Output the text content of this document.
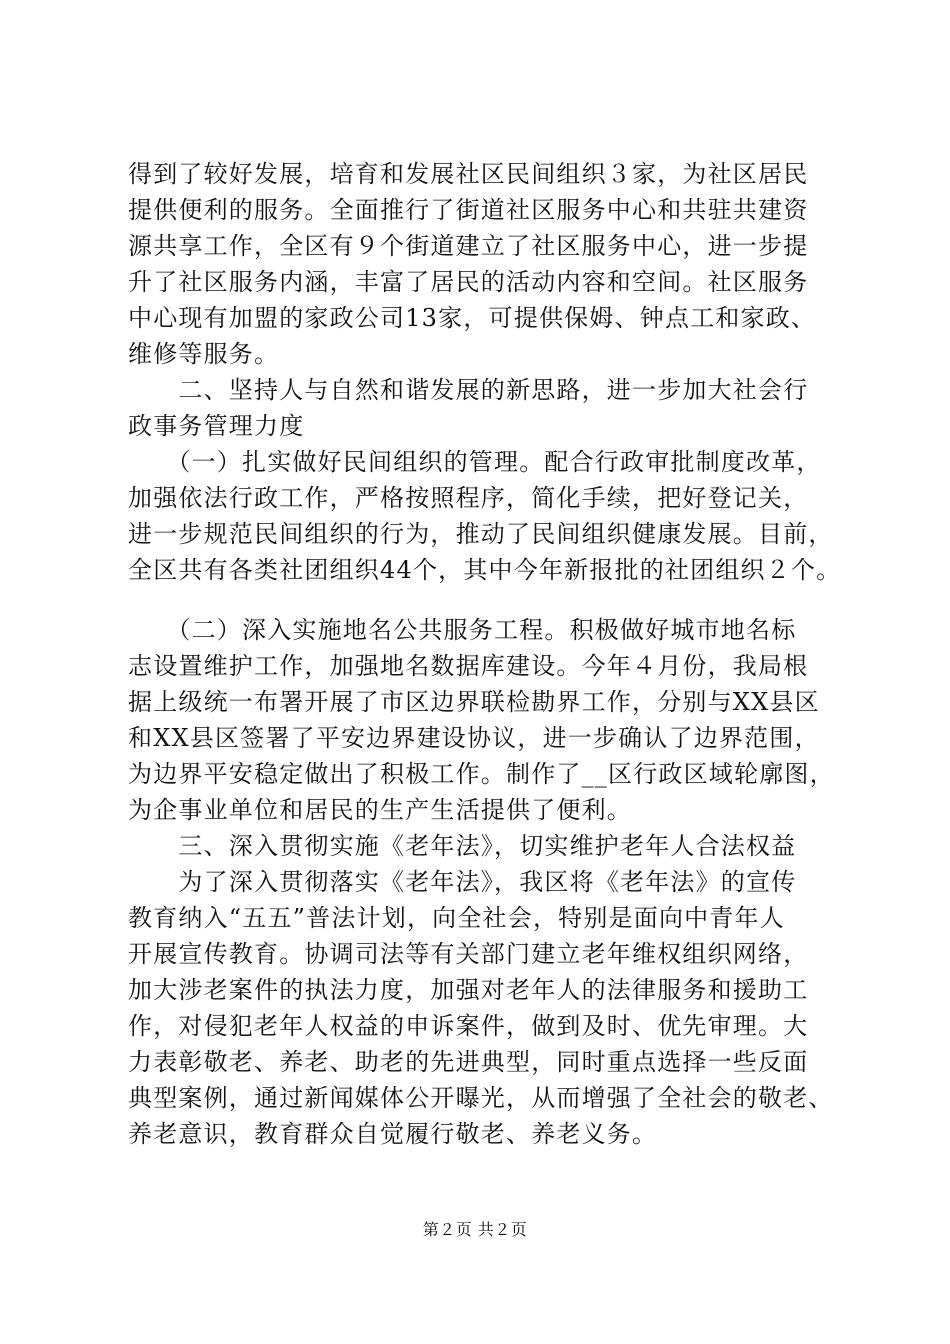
得到了较好发展，培育和发展社区民间组织３家，为社区居民
提供便利的服务。全面推行了街道社区服务中心和共驻共建资
源共享工作，全区有９个街道建立了社区服务中心，进一步提
升了社区服务内涵，丰富了居民的活动内容和空间。社区服务
中心现有加盟的家政公司13家，可提供保姆、钟点工和家政、
维修等服务。
　　二、坚持人与自然和谐发展的新思路，进一步加大社会行
政事务管理力度
　　（一）扎实做好民间组织的管理。配合行政审批制度改革，
加强依法行政工作，严格按照程序，简化手续，把好登记关，
进一步规范民间组织的行为，推动了民间组织健康发展。目前，
全区共有各类社团组织44个，其中今年新报批的社团组织２个。
　　（二）深入实施地名公共服务工程。积极做好城市地名标
志设置维护工作，加强地名数据库建设。今年４月份，我局根
据上级统一布署开展了市区边界联检勘界工作，分别与XX县区
和XX县区签署了平安边界建设协议，进一步确认了边界范围，
为边界平安稳定做出了积极工作。制作了__区行政区域轮廓图，
为企事业单位和居民的生产生活提供了便利。
　　三、深入贯彻实施《老年法》，切实维护老年人合法权益
　　为了深入贯彻落实《老年法》，我区将《老年法》的宣传
教育纳入“五五”普法计划，向全社会，特别是面向中青年人
开展宣传教育。协调司法等有关部门建立老年维权组织网络，
加大涉老案件的执法力度，加强对老年人的法律服务和援助工
作，对侵犯老年人权益的申诉案件，做到及时、优先审理。大
力表彰敬老、养老、助老的先进典型，同时重点选择一些反面
典型案例，通过新闻媒体公开曝光，从而增强了全社会的敬老、
养老意识，教育群众自觉履行敬老、养老义务。
第２页 共２页
